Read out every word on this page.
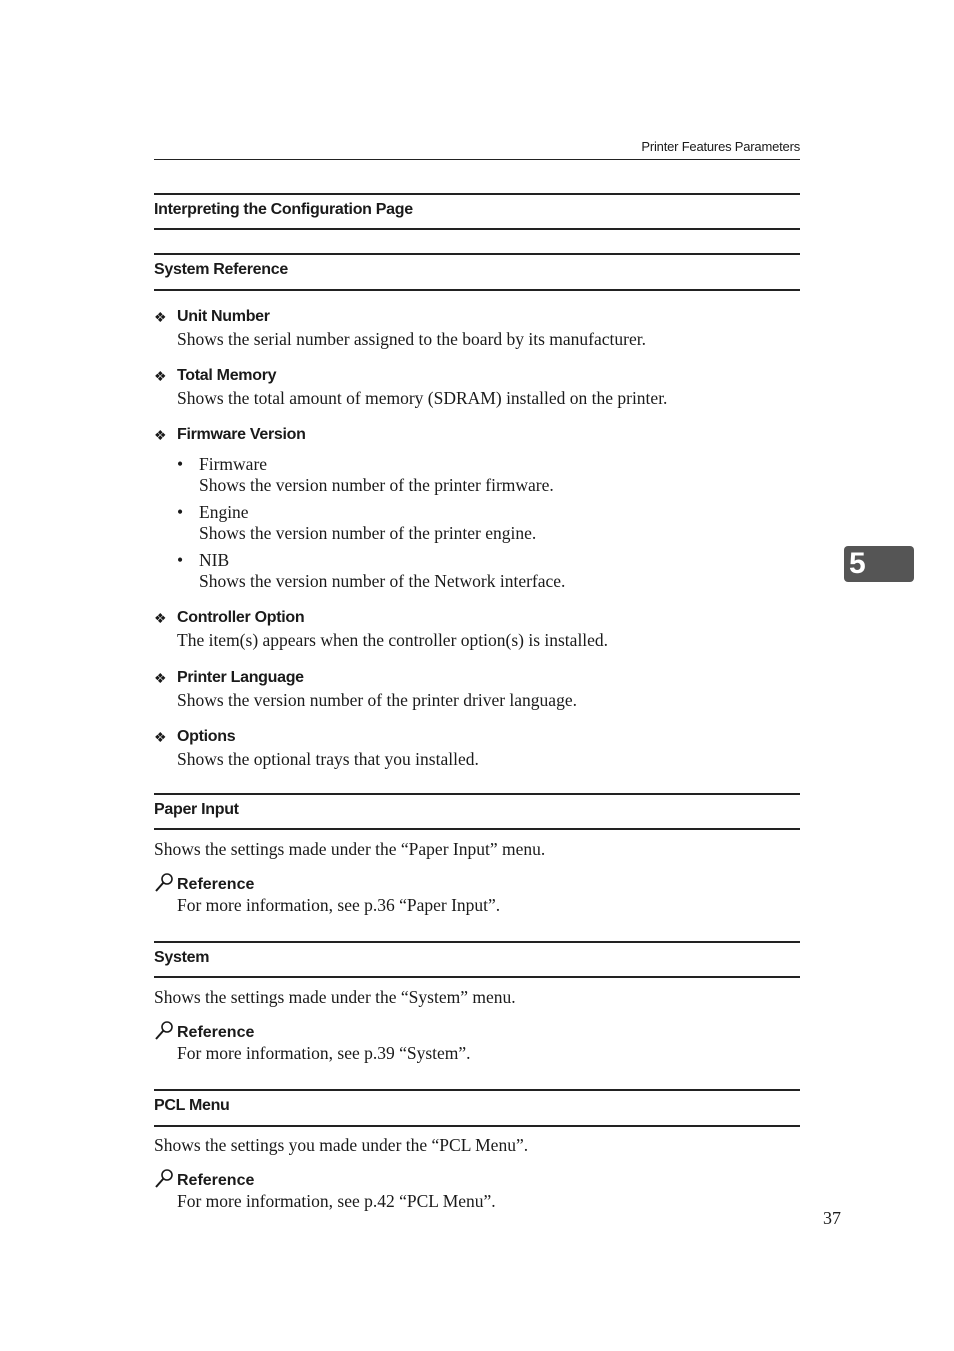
Printer Features Parameters
Interpreting the Configuration Page
System Reference
❖ Unit Number
Shows the serial number assigned to the board by its manufacturer.
❖ Total Memory
Shows the total amount of memory (SDRAM) installed on the printer.
❖ Firmware Version
• Firmware
Shows the version number of the printer firmware.
• Engine
Shows the version number of the printer engine.
• NIB
Shows the version number of the Network interface.
❖ Controller Option
The item(s) appears when the controller option(s) is installed.
❖ Printer Language
Shows the version number of the printer driver language.
❖ Options
Shows the optional trays that you installed.
Paper Input
Shows the settings made under the “Paper Input” menu.
Reference
For more information, see p.36 “Paper Input”.
System
Shows the settings made under the “System” menu.
Reference
For more information, see p.39 “System”.
PCL Menu
Shows the settings you made under the “PCL Menu”.
Reference
For more information, see p.42 “PCL Menu”.
5
37
